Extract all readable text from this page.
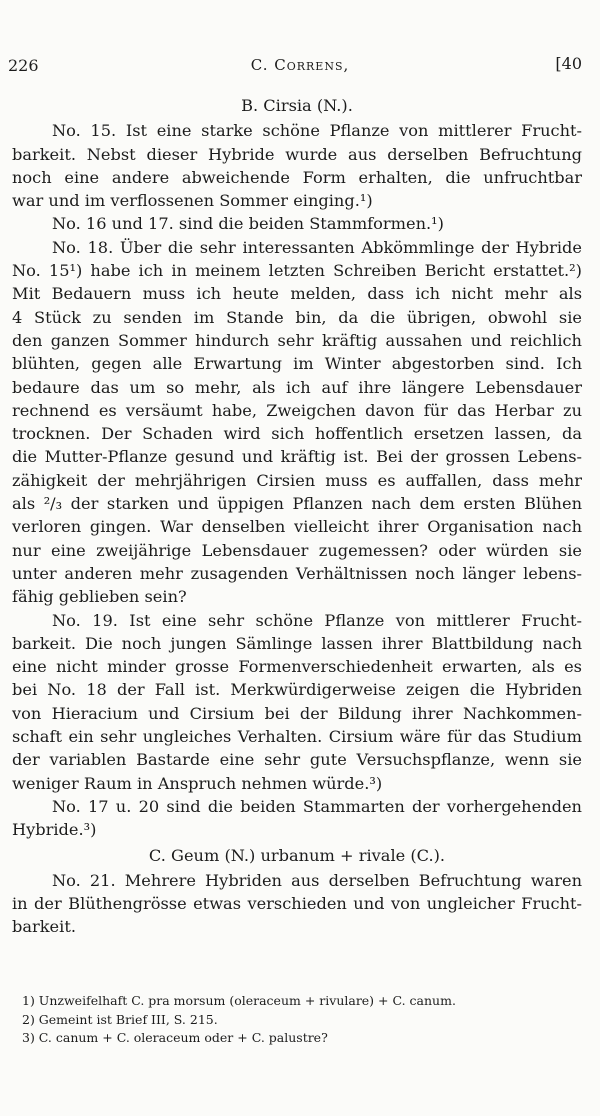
226	C. Correns,	[40
B. Cirsia (N.).
No. 15. Ist eine starke schöne Pflanze von mittlerer Frucht-
barkeit. Nebst dieser Hybride wurde aus derselben Befruchtung
noch eine andere abweichende Form erhalten, die unfruchtbar
war und im verflossenen Sommer einging.¹)
No. 16 und 17. sind die beiden Stammformen.¹)
No. 18. Über die sehr interessanten Abkömmlinge der Hybride
No. 15¹) habe ich in meinem letzten Schreiben Bericht erstattet.²)
Mit Bedauern muss ich heute melden, dass ich nicht mehr als
4 Stück zu senden im Stande bin, da die übrigen, obwohl sie
den ganzen Sommer hindurch sehr kräftig aussahen und reichlich
blühten, gegen alle Erwartung im Winter abgestorben sind. Ich
bedaure das um so mehr, als ich auf ihre längere Lebensdauer
rechnend es versäumt habe, Zweigchen davon für das Herbar zu
trocknen. Der Schaden wird sich hoffentlich ersetzen lassen, da
die Mutter-Pflanze gesund und kräftig ist. Bei der grossen Lebens-
zähigkeit der mehrjährigen Cirsien muss es auffallen, dass mehr
als ²/₃ der starken und üppigen Pflanzen nach dem ersten Blühen
verloren gingen. War denselben vielleicht ihrer Organisation nach
nur eine zweijährige Lebensdauer zugemessen? oder würden sie
unter anderen mehr zusagenden Verhältnissen noch länger lebens-
fähig geblieben sein?
No. 19. Ist eine sehr schöne Pflanze von mittlerer Frucht-
barkeit. Die noch jungen Sämlinge lassen ihrer Blattbildung nach
eine nicht minder grosse Formenverschiedenheit erwarten, als es
bei No. 18 der Fall ist. Merkwürdigerweise zeigen die Hybriden
von Hieracium und Cirsium bei der Bildung ihrer Nachkommen-
schaft ein sehr ungleiches Verhalten. Cirsium wäre für das Studium
der variablen Bastarde eine sehr gute Versuchspflanze, wenn sie
weniger Raum in Anspruch nehmen würde.³)
No. 17 u. 20 sind die beiden Stammarten der vorhergehenden
Hybride.³)
C. Geum (N.) urbanum + rivale (C.).
No. 21. Mehrere Hybriden aus derselben Befruchtung waren
in der Blüthengrösse etwas verschieden und von ungleicher Frucht-
barkeit.
1) Unzweifelhaft C. pra morsum (oleraceum + rivulare) + C. canum.
2) Gemeint ist Brief III, S. 215.
3) C. canum + C. oleraceum oder + C. palustre?
